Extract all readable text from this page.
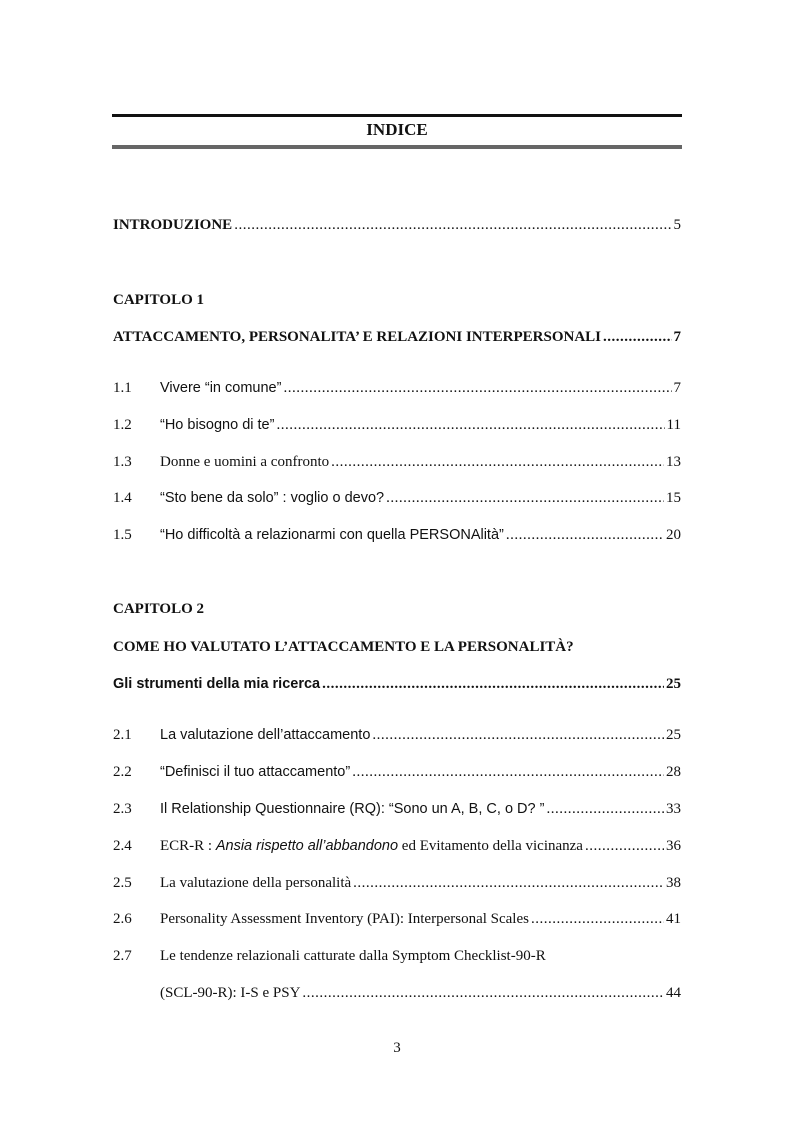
INDICE
INTRODUZIONE .....	5
CAPITOLO 1
ATTACCAMENTO, PERSONALITA’ E RELAZIONI INTERPERSONALI .....	7
1.1	Vivere “in comune” .....	7
1.2	“Ho bisogno di te” .....	11
1.3	Donne e uomini a confronto .....	13
1.4	“Sto bene da solo” : voglio o devo? .....	15
1.5	“Ho difficoltà a relazionarmi con quella PERSONAlità” .....	20
CAPITOLO 2
COME HO VALUTATO L’ATTACCAMENTO E LA PERSONALITÀ?
Gli strumenti della mia ricerca .....	25
2.1	La valutazione dell’attaccamento .....	25
2.2	“Definisci il tuo attaccamento” .....	28
2.3	Il Relationship Questionnaire (RQ): “Sono un A, B, C, o D? ” .....	33
2.4	ECR-R : Ansia rispetto all’abbandono ed Evitamento della vicinanza .....	36
2.5	La valutazione della personalità .....	38
2.6	Personality Assessment Inventory (PAI): Interpersonal Scales .....	41
2.7	Le tendenze relazionali catturate dalla Symptom Checklist-90-R
(SCL-90-R): I-S e PSY .....	44
3
